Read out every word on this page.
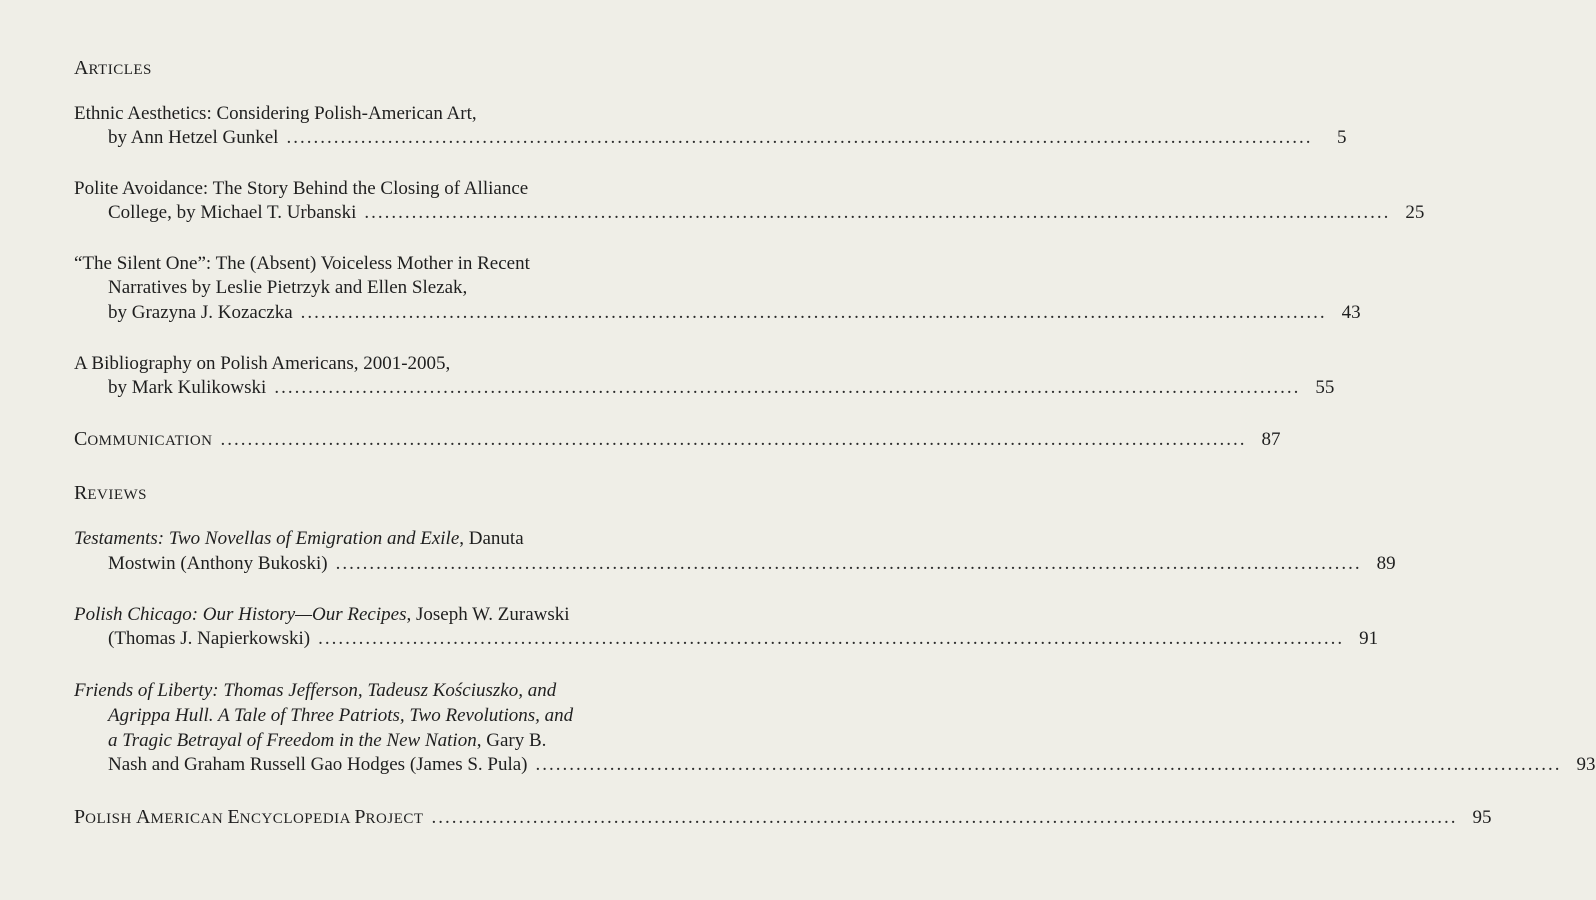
ARTICLES
Ethnic Aesthetics: Considering Polish-American Art,
by Ann Hetzel Gunkel ........................................................................................................................................................	5
Polite Avoidance: The Story Behind the Closing of Alliance
College, by Michael T. Urbanski ........................................................................................................................................................ 25
“The Silent One”: The (Absent) Voiceless Mother in Recent
Narratives by Leslie Pietrzyk and Ellen Slezak,
by Grazyna J. Kozaczka ........................................................................................................................................................ 43
A Bibliography on Polish Americans, 2001-2005,
by Mark Kulikowski ........................................................................................................................................................ 55
COMMUNICATION ........................................................................................................................................................ 87
REVIEWS
Testaments: Two Novellas of Emigration and Exile, Danuta
Mostwin (Anthony Bukoski) ........................................................................................................................................................ 89
Polish Chicago: Our History—Our Recipes, Joseph W. Zurawski
(Thomas J. Napierkowski) ........................................................................................................................................................ 91
Friends of Liberty: Thomas Jefferson, Tadeusz Kościuszko, and
Agrippa Hull. A Tale of Three Patriots, Two Revolutions, and
a Tragic Betrayal of Freedom in the New Nation, Gary B.
Nash and Graham Russell Gao Hodges (James S. Pula) ........................................................................................................................................................ 93
POLISH AMERICAN ENCYCLOPEDIA PROJECT ........................................................................................................................................................ 95
